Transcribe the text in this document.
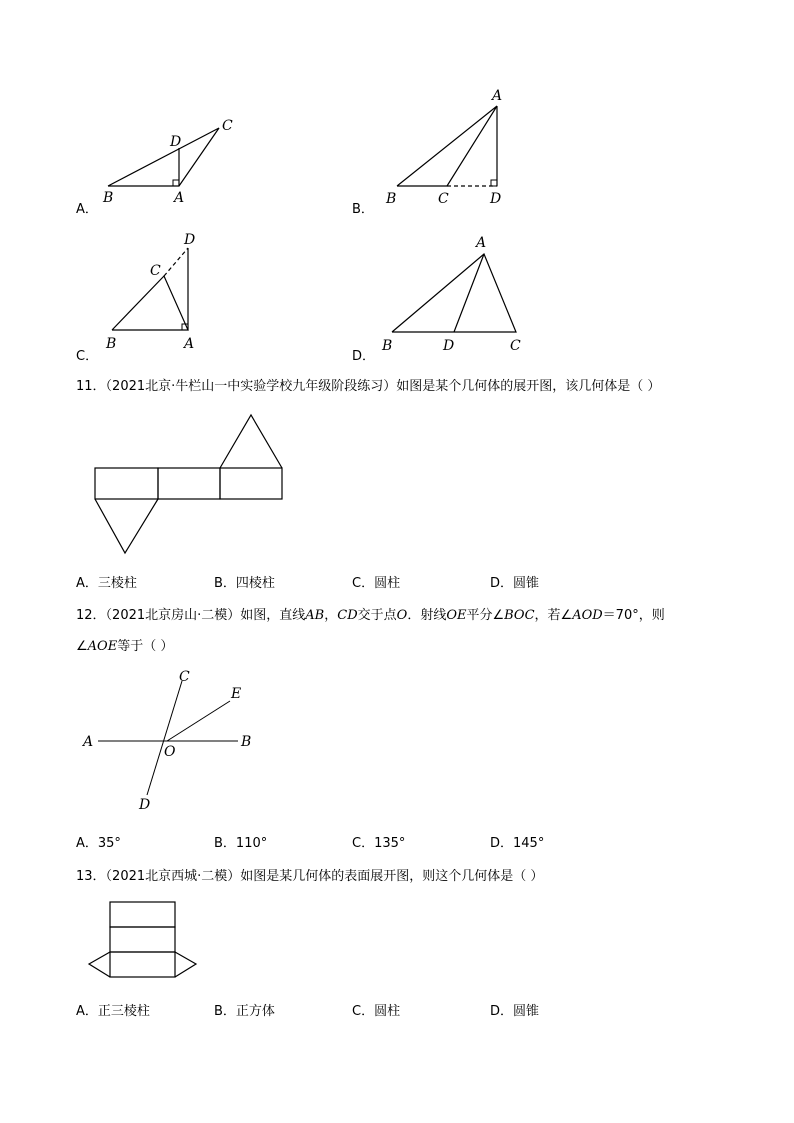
A．
D
C
B	A
B．
A
B	C	D
C．
D
C
B	A
D．
A
B	D	C
11．（2021北京·牛栏山一中实验学校九年级阶段练习）如图是某个几何体的展开图，该几何体是（ ）
A．三棱柱	B．四棱柱	C．圆柱	D．圆锥
12．（2021北京房山·二模）如图，直线AB，CD交于点O．射线OE平分∠BOC，若∠AOD＝70°，则
∠AOE等于（ ）
A	B
C
D
E
O
A．35°	B．110°	C．135°	D．145°
13．（2021北京西城·二模）如图是某几何体的表面展开图，则这个几何体是（ ）
A．正三棱柱	B．正方体	C．圆柱	D．圆锥
